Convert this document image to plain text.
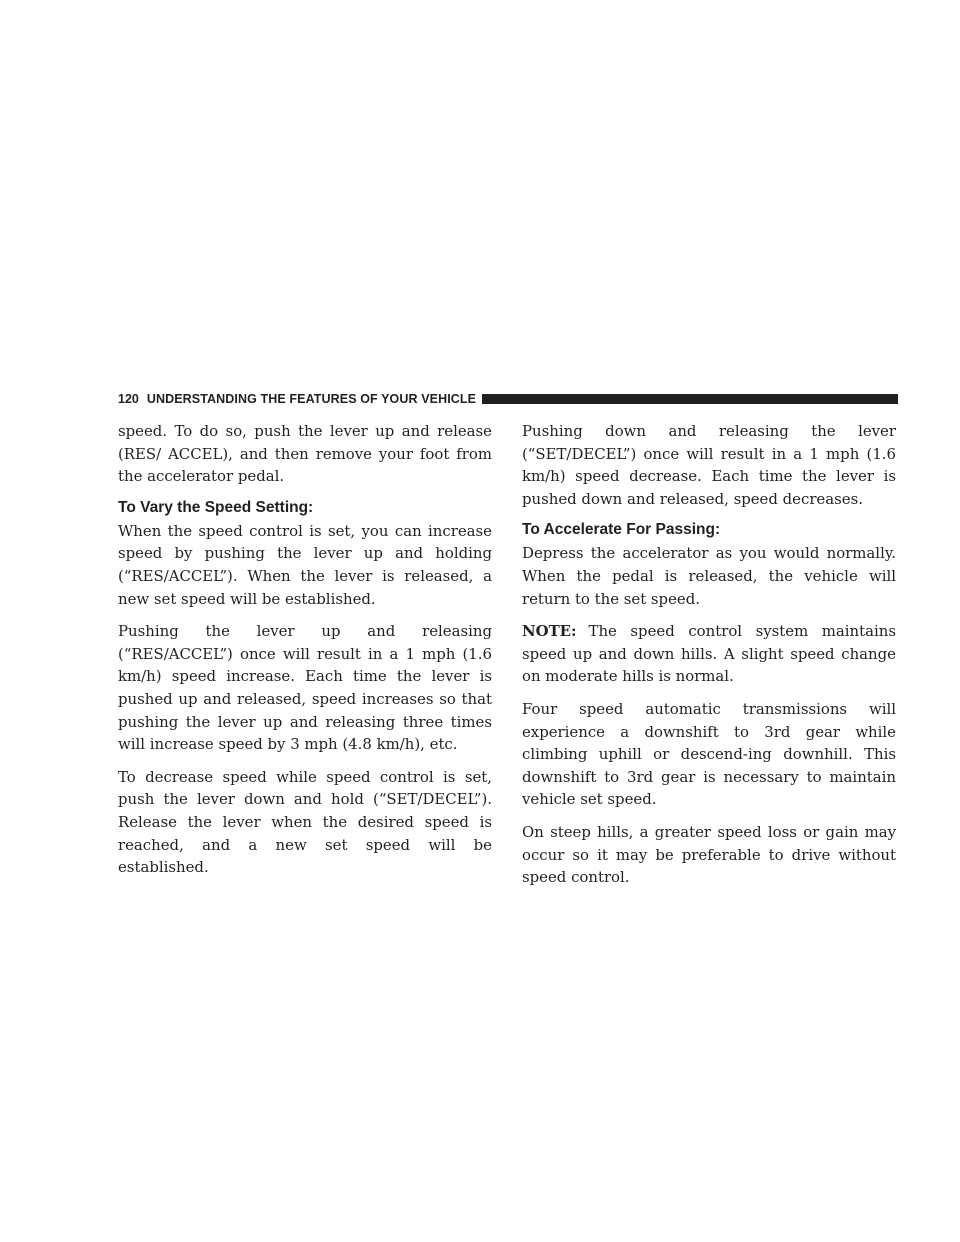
120 UNDERSTANDING THE FEATURES OF YOUR VEHICLE

speed. To do so, push the lever up and release (RES/ ACCEL), and then remove your foot from the accelerator pedal.

To Vary the Speed Setting:

When the speed control is set, you can increase speed by pushing the lever up and holding (“RES/ACCEL”). When the lever is released, a new set speed will be established.

Pushing the lever up and releasing (“RES/ACCEL”) once will result in a 1 mph (1.6 km/h) speed increase. Each time the lever is pushed up and released, speed increases so that pushing the lever up and releasing three times will increase speed by 3 mph (4.8 km/h), etc.

To decrease speed while speed control is set, push the lever down and hold (“SET/DECEL”). Release the lever when the desired speed is reached, and a new set speed will be established.

Pushing down and releasing the lever (“SET/DECEL”) once will result in a 1 mph (1.6 km/h) speed decrease. Each time the lever is pushed down and released, speed decreases.

To Accelerate For Passing:

Depress the accelerator as you would normally. When the pedal is released, the vehicle will return to the set speed.

NOTE: The speed control system maintains speed up and down hills. A slight speed change on moderate hills is normal.

Four speed automatic transmissions will experience a downshift to 3rd gear while climbing uphill or descend-ing downhill. This downshift to 3rd gear is necessary to maintain vehicle set speed.

On steep hills, a greater speed loss or gain may occur so it may be preferable to drive without speed control.
